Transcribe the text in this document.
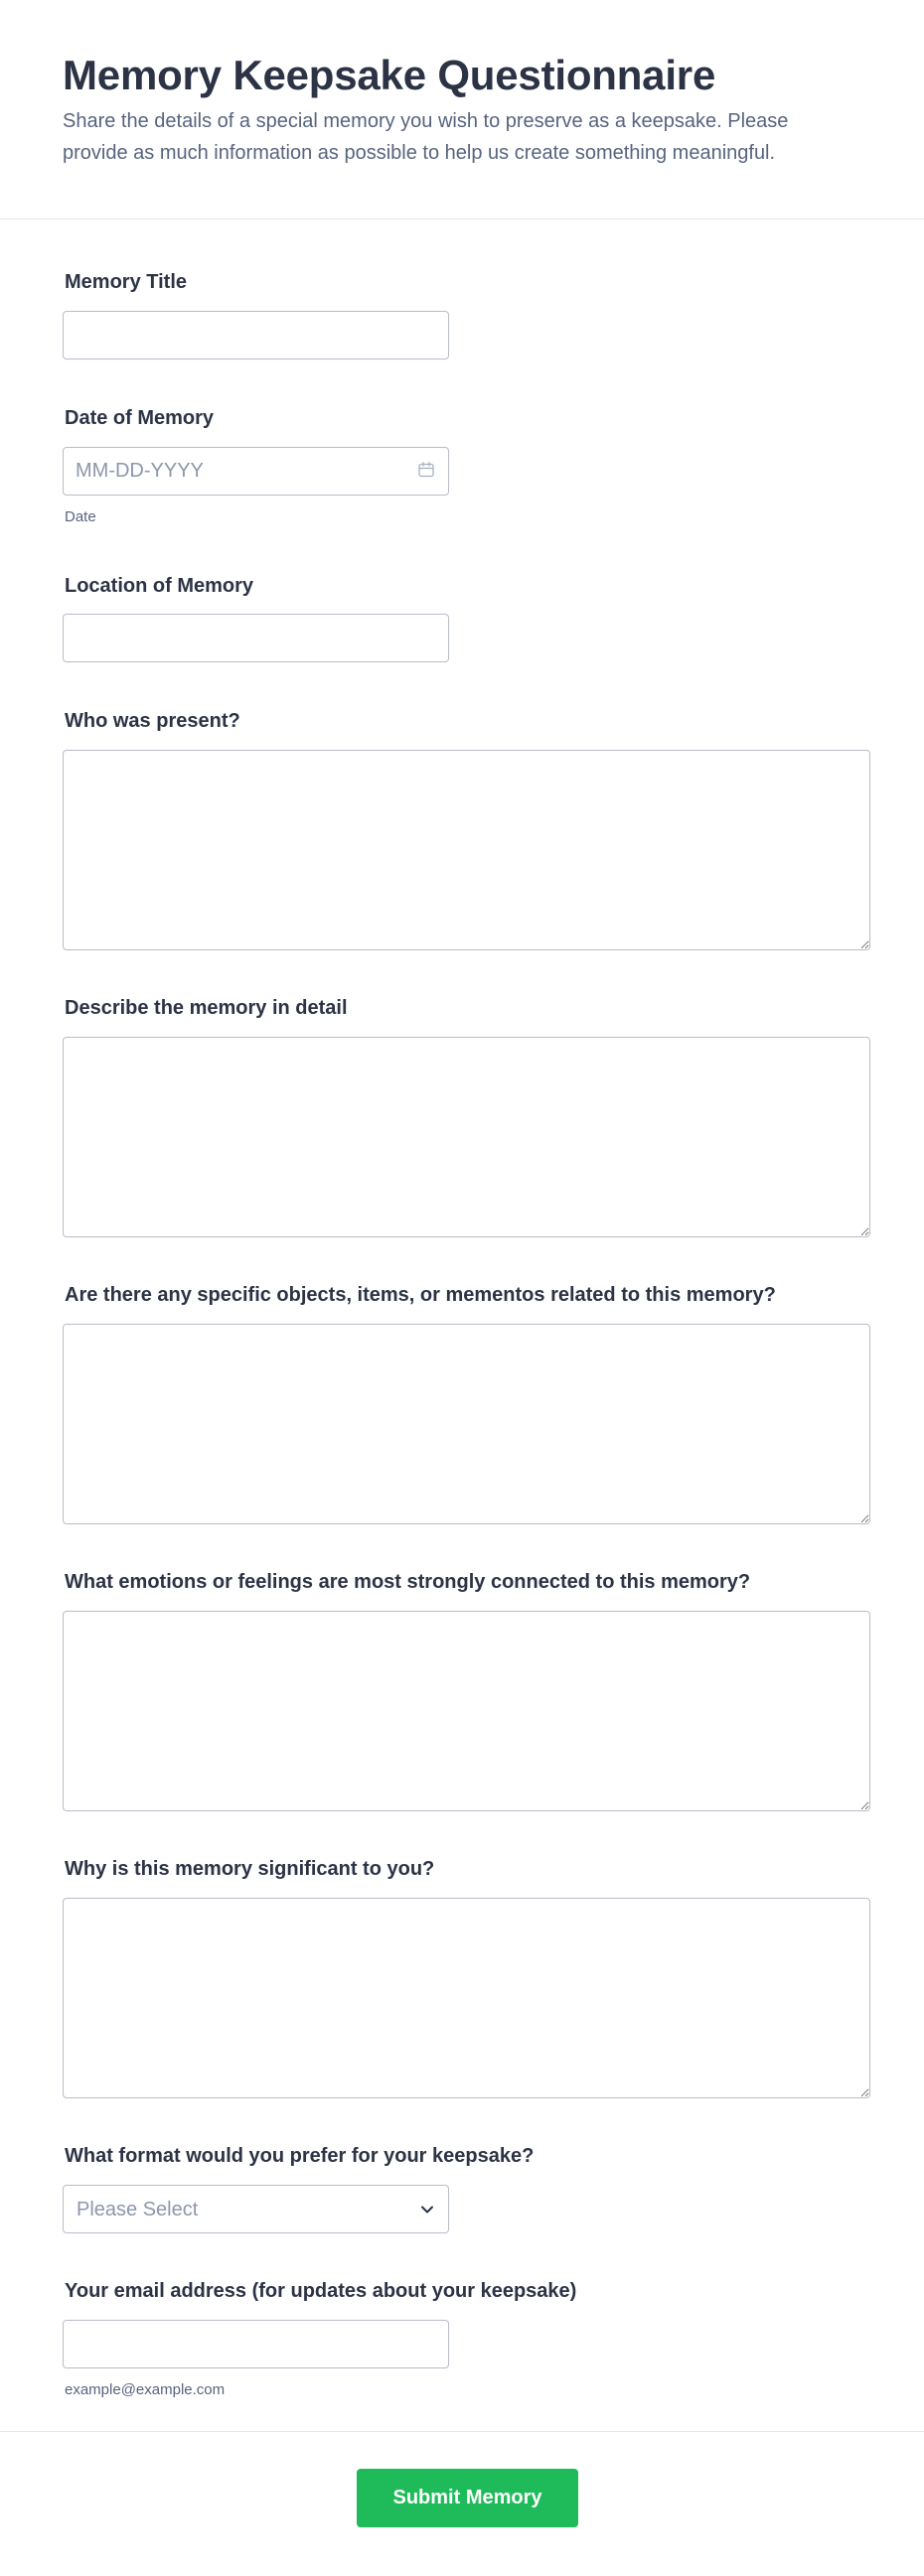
Memory Keepsake Questionnaire

Share the details of a special memory you wish to preserve as a keepsake. Please provide as much information as possible to help us create something meaningful.

Memory Title
Date of Memory
MM-DD-YYYY
Date
Location of Memory
Who was present?
Describe the memory in detail
Are there any specific objects, items, or mementos related to this memory?
What emotions or feelings are most strongly connected to this memory?
Why is this memory significant to you?
What format would you prefer for your keepsake?
Please Select
Your email address (for updates about your keepsake)
example@example.com
Submit Memory
